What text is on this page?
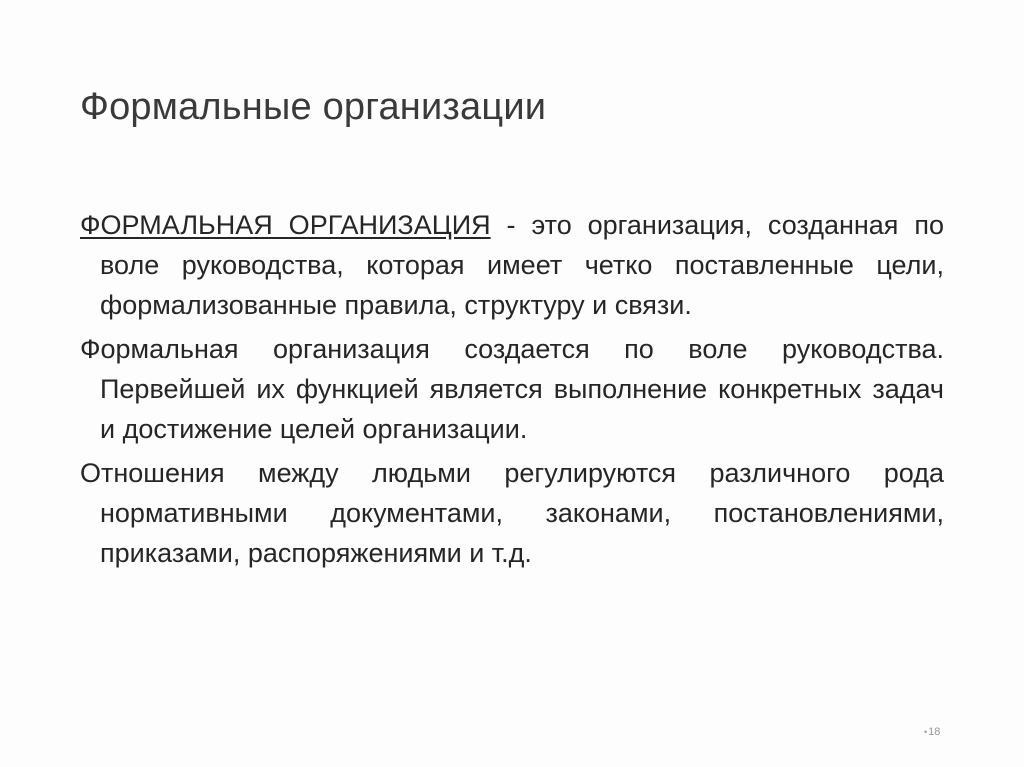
Формальные организации

ФОРМАЛЬНАЯ ОРГАНИЗАЦИЯ - это организация, созданная по воле руководства, которая имеет четко поставленные цели, формализованные правила, структуру и связи.

Формальная организация создается по воле руководства. Первейшей их функцией является выполнение конкретных задач и достижение целей организации.

Отношения между людьми регулируются различного рода нормативными документами, законами, постановлениями, приказами, распоряжениями и т.д.

•18
